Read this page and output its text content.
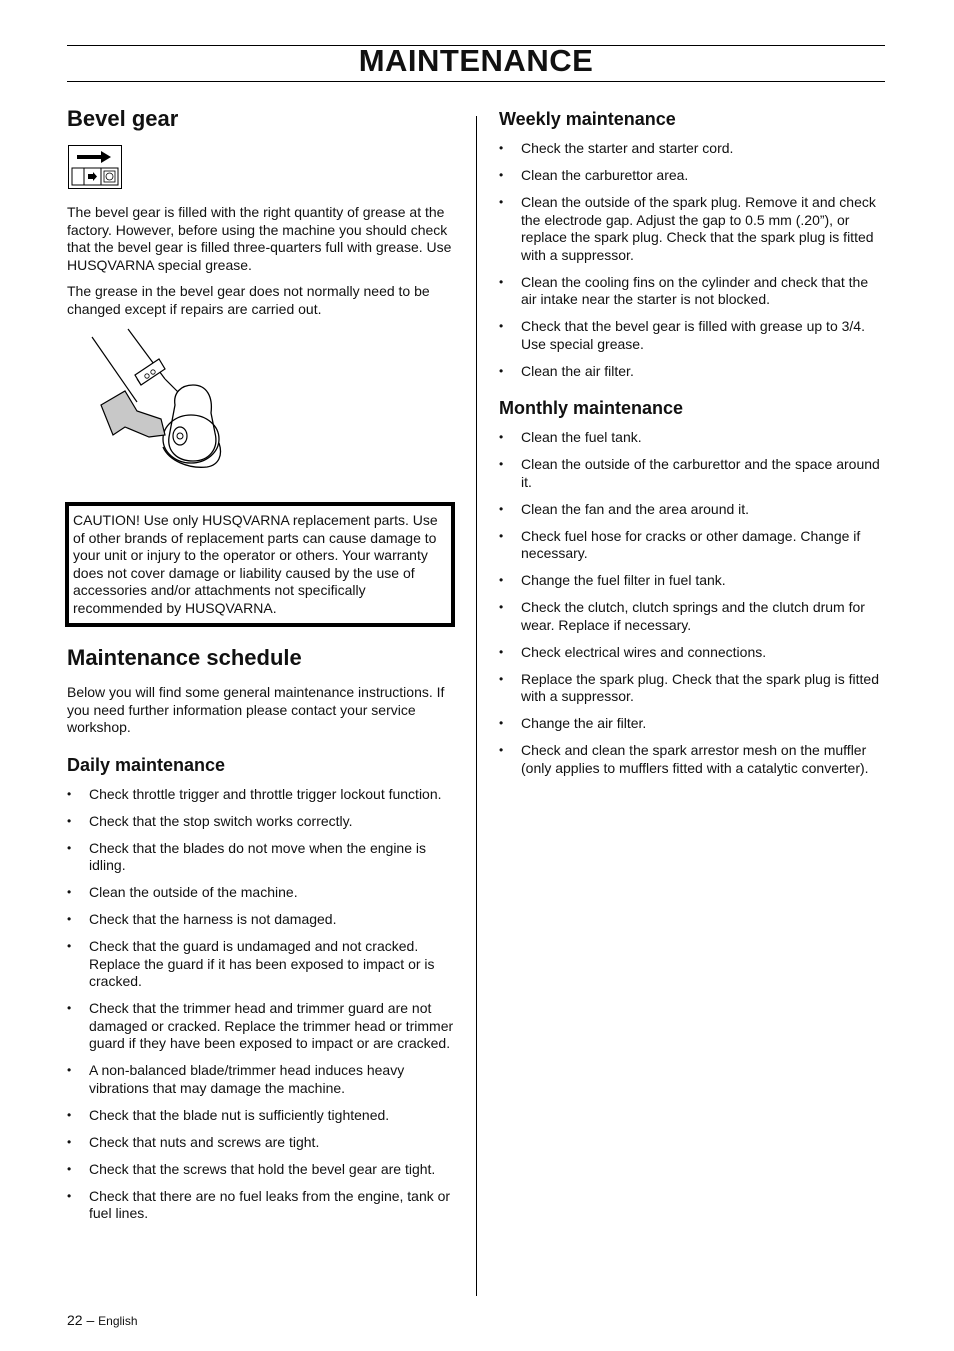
MAINTENANCE
Bevel gear

The bevel gear is filled with the right quantity of grease at the factory. However, before using the machine you should check that the bevel gear is filled three-quarters full with grease. Use HUSQVARNA special grease.

The grease in the bevel gear does not normally need to be changed except if repairs are carried out.

CAUTION! Use only HUSQVARNA replacement parts. Use of other brands of replacement parts can cause damage to your unit or injury to the operator or others. Your warranty does not cover damage or liability caused by the use of accessories and/or attachments not specifically recommended by HUSQVARNA.

Maintenance schedule

Below you will find some general maintenance instructions. If you need further information please contact your service workshop.

Daily maintenance
• Check throttle trigger and throttle trigger lockout function.
• Check that the stop switch works correctly.
• Check that the blades do not move when the engine is idling.
• Clean the outside of the machine.
• Check that the harness is not damaged.
• Check that the guard is undamaged and not cracked. Replace the guard if it has been exposed to impact or is cracked.
• Check that the trimmer head and trimmer guard are not damaged or cracked. Replace the trimmer head or trimmer guard if they have been exposed to impact or are cracked.
• A non-balanced blade/trimmer head induces heavy vibrations that may damage the machine.
• Check that the blade nut is sufficiently tightened.
• Check that nuts and screws are tight.
• Check that the screws that hold the bevel gear are tight.
• Check that there are no fuel leaks from the engine, tank or fuel lines.
Weekly maintenance
• Check the starter and starter cord.
• Clean the carburettor area.
• Clean the outside of the spark plug. Remove it and check the electrode gap. Adjust the gap to 0.5 mm (.20”), or replace the spark plug. Check that the spark plug is fitted with a suppressor.
• Clean the cooling fins on the cylinder and check that the air intake near the starter is not blocked.
• Check that the bevel gear is filled with grease up to 3/4. Use special grease.
• Clean the air filter.
Monthly maintenance
• Clean the fuel tank.
• Clean the outside of the carburettor and the space around it.
• Clean the fan and the area around it.
• Check fuel hose for cracks or other damage. Change if necessary.
• Change the fuel filter in fuel tank.
• Check the clutch, clutch springs and the clutch drum for wear. Replace if necessary.
• Check electrical wires and connections.
• Replace the spark plug. Check that the spark plug is fitted with a suppressor.
• Change the air filter.
• Check and clean the spark arrestor mesh on the muffler (only applies to mufflers fitted with a catalytic converter).
22 – English
